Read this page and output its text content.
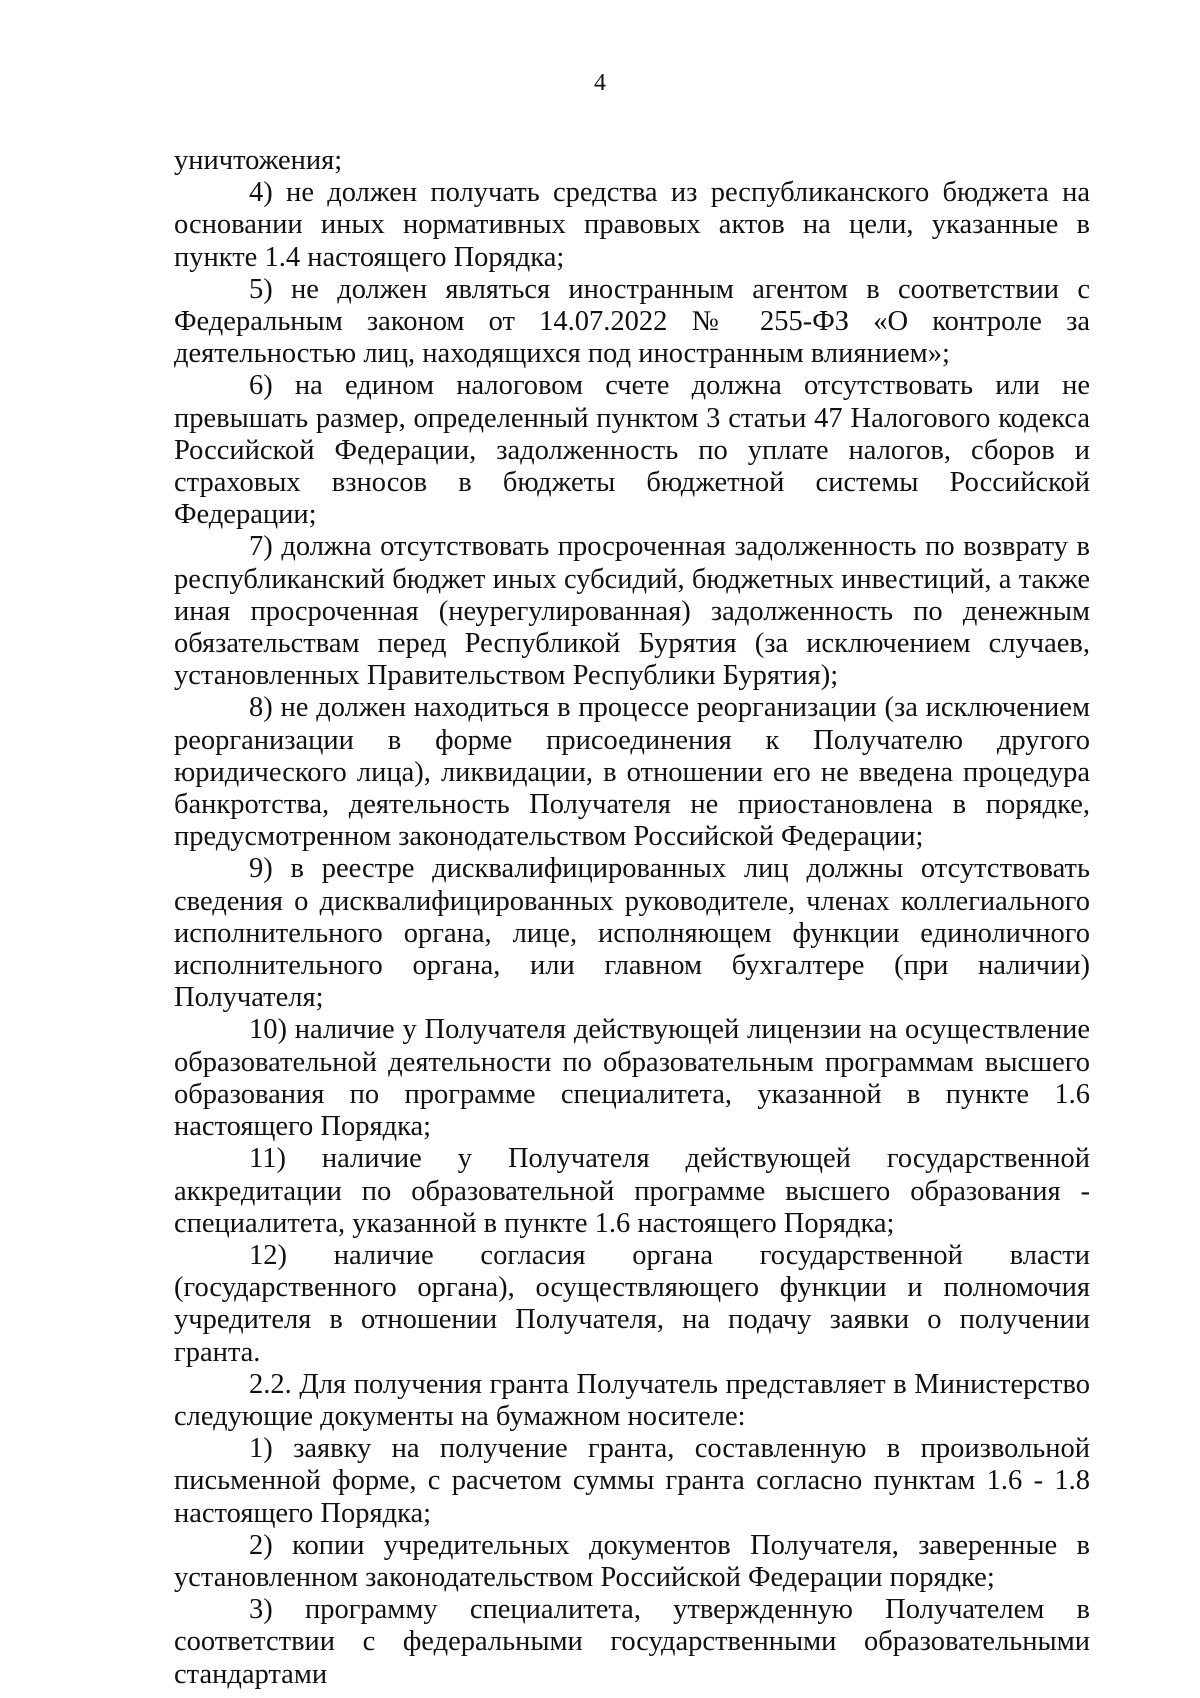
4

уничтожения;

4) не должен получать средства из республиканского бюджета на основании иных нормативных правовых актов на цели, указанные в пункте 1.4 настоящего Порядка;

5) не должен являться иностранным агентом в соответствии с Федеральным законом от 14.07.2022 № 255-ФЗ «О контроле за деятельностью лиц, находящихся под иностранным влиянием»;

6) на едином налоговом счете должна отсутствовать или не превышать размер, определенный пунктом 3 статьи 47 Налогового кодекса Российской Федерации, задолженность по уплате налогов, сборов и страховых взносов в бюджеты бюджетной системы Российской Федерации;

7) должна отсутствовать просроченная задолженность по возврату в республиканский бюджет иных субсидий, бюджетных инвестиций, а также иная просроченная (неурегулированная) задолженность по денежным обязательствам перед Республикой Бурятия (за исключением случаев, установленных Правительством Республики Бурятия);

8) не должен находиться в процессе реорганизации (за исключением реорганизации в форме присоединения к Получателю другого юридического лица), ликвидации, в отношении его не введена процедура банкротства, деятельность Получателя не приостановлена в порядке, предусмотренном законодательством Российской Федерации;

9) в реестре дисквалифицированных лиц должны отсутствовать сведения о дисквалифицированных руководителе, членах коллегиального исполнительного органа, лице, исполняющем функции единоличного исполнительного органа, или главном бухгалтере (при наличии) Получателя;

10) наличие у Получателя действующей лицензии на осуществление образовательной деятельности по образовательным программам высшего образования по программе специалитета, указанной в пункте 1.6 настоящего Порядка;

11) наличие у Получателя действующей государственной аккредитации по образовательной программе высшего образования - специалитета, указанной в пункте 1.6 настоящего Порядка;

12) наличие согласия органа государственной власти (государственного органа), осуществляющего функции и полномочия учредителя в отношении Получателя, на подачу заявки о получении гранта.

2.2. Для получения гранта Получатель представляет в Министерство следующие документы на бумажном носителе:

1) заявку на получение гранта, составленную в произвольной письменной форме, с расчетом суммы гранта согласно пунктам 1.6 - 1.8 настоящего Порядка;

2) копии учредительных документов Получателя, заверенные в установленном законодательством Российской Федерации порядке;

3) программу специалитета, утвержденную Получателем в соответствии с федеральными государственными образовательными стандартами
